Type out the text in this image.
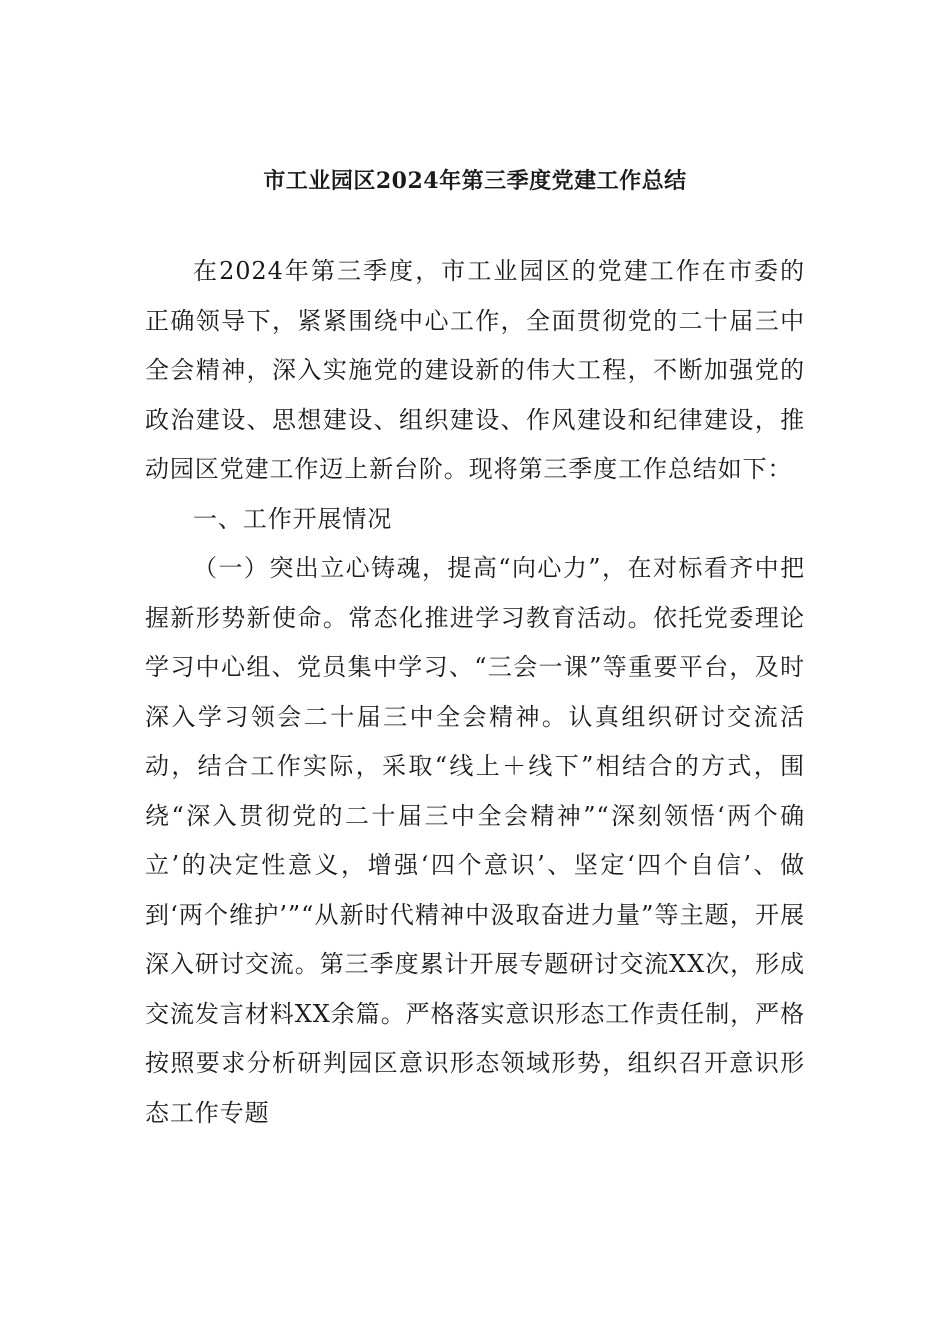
市工业园区2024年第三季度党建工作总结

在2024年第三季度，市工业园区的党建工作在市委的正确领导下，紧紧围绕中心工作，全面贯彻党的二十届三中全会精神，深入实施党的建设新的伟大工程，不断加强党的政治建设、思想建设、组织建设、作风建设和纪律建设，推动园区党建工作迈上新台阶。现将第三季度工作总结如下：

一、工作开展情况

（一）突出立心铸魂，提高“向心力”，在对标看齐中把握新形势新使命。常态化推进学习教育活动。依托党委理论学习中心组、党员集中学习、“三会一课”等重要平台，及时深入学习领会二十届三中全会精神。认真组织研讨交流活动，结合工作实际，采取“线上＋线下”相结合的方式，围绕“深入贯彻党的二十届三中全会精神”“深刻领悟‘两个确立’的决定性意义，增强‘四个意识’、坚定‘四个自信’、做到‘两个维护’”“从新时代精神中汲取奋进力量”等主题，开展深入研讨交流。第三季度累计开展专题研讨交流XX次，形成交流发言材料XX余篇。严格落实意识形态工作责任制，严格按照要求分析研判园区意识形态领域形势，组织召开意识形态工作专题
